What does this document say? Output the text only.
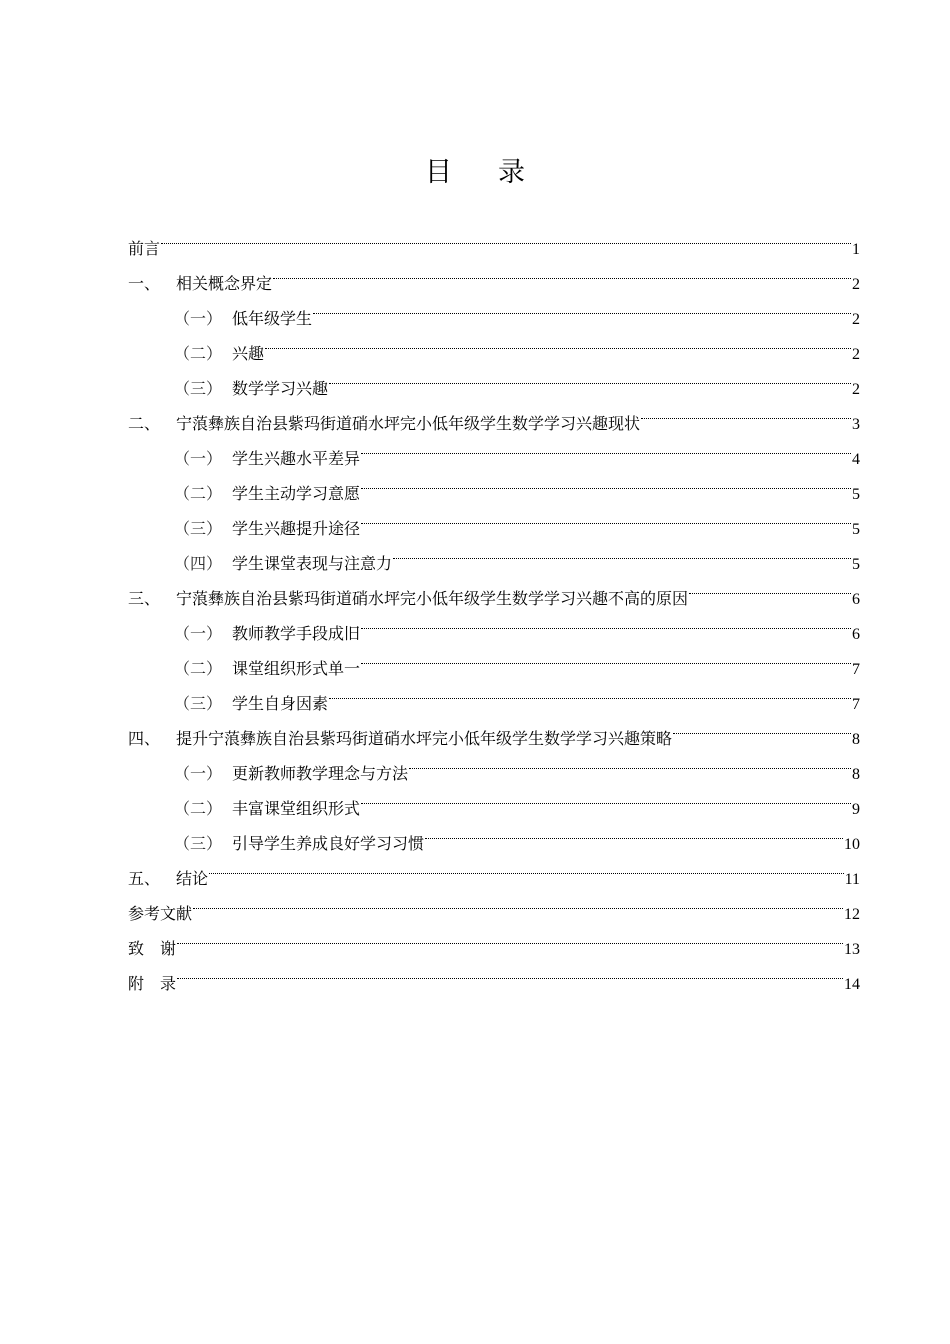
目 录
前言	1
一、 相关概念界定	2
（一） 低年级学生	2
（二） 兴趣	2
（三） 数学学习兴趣	2
二、 宁蒗彝族自治县紫玛街道硝水坪完小低年级学生数学学习兴趣现状	3
（一） 学生兴趣水平差异	4
（二） 学生主动学习意愿	5
（三） 学生兴趣提升途径	5
（四） 学生课堂表现与注意力	5
三、 宁蒗彝族自治县紫玛街道硝水坪完小低年级学生数学学习兴趣不高的原因	6
（一） 教师教学手段成旧	6
（二） 课堂组织形式单一	7
（三） 学生自身因素	7
四、 提升宁蒗彝族自治县紫玛街道硝水坪完小低年级学生数学学习兴趣策略	8
（一） 更新教师教学理念与方法	8
（二） 丰富课堂组织形式	9
（三） 引导学生养成良好学习习惯	10
五、 结论	11
参考文献	12
致　谢	13
附　录	14
